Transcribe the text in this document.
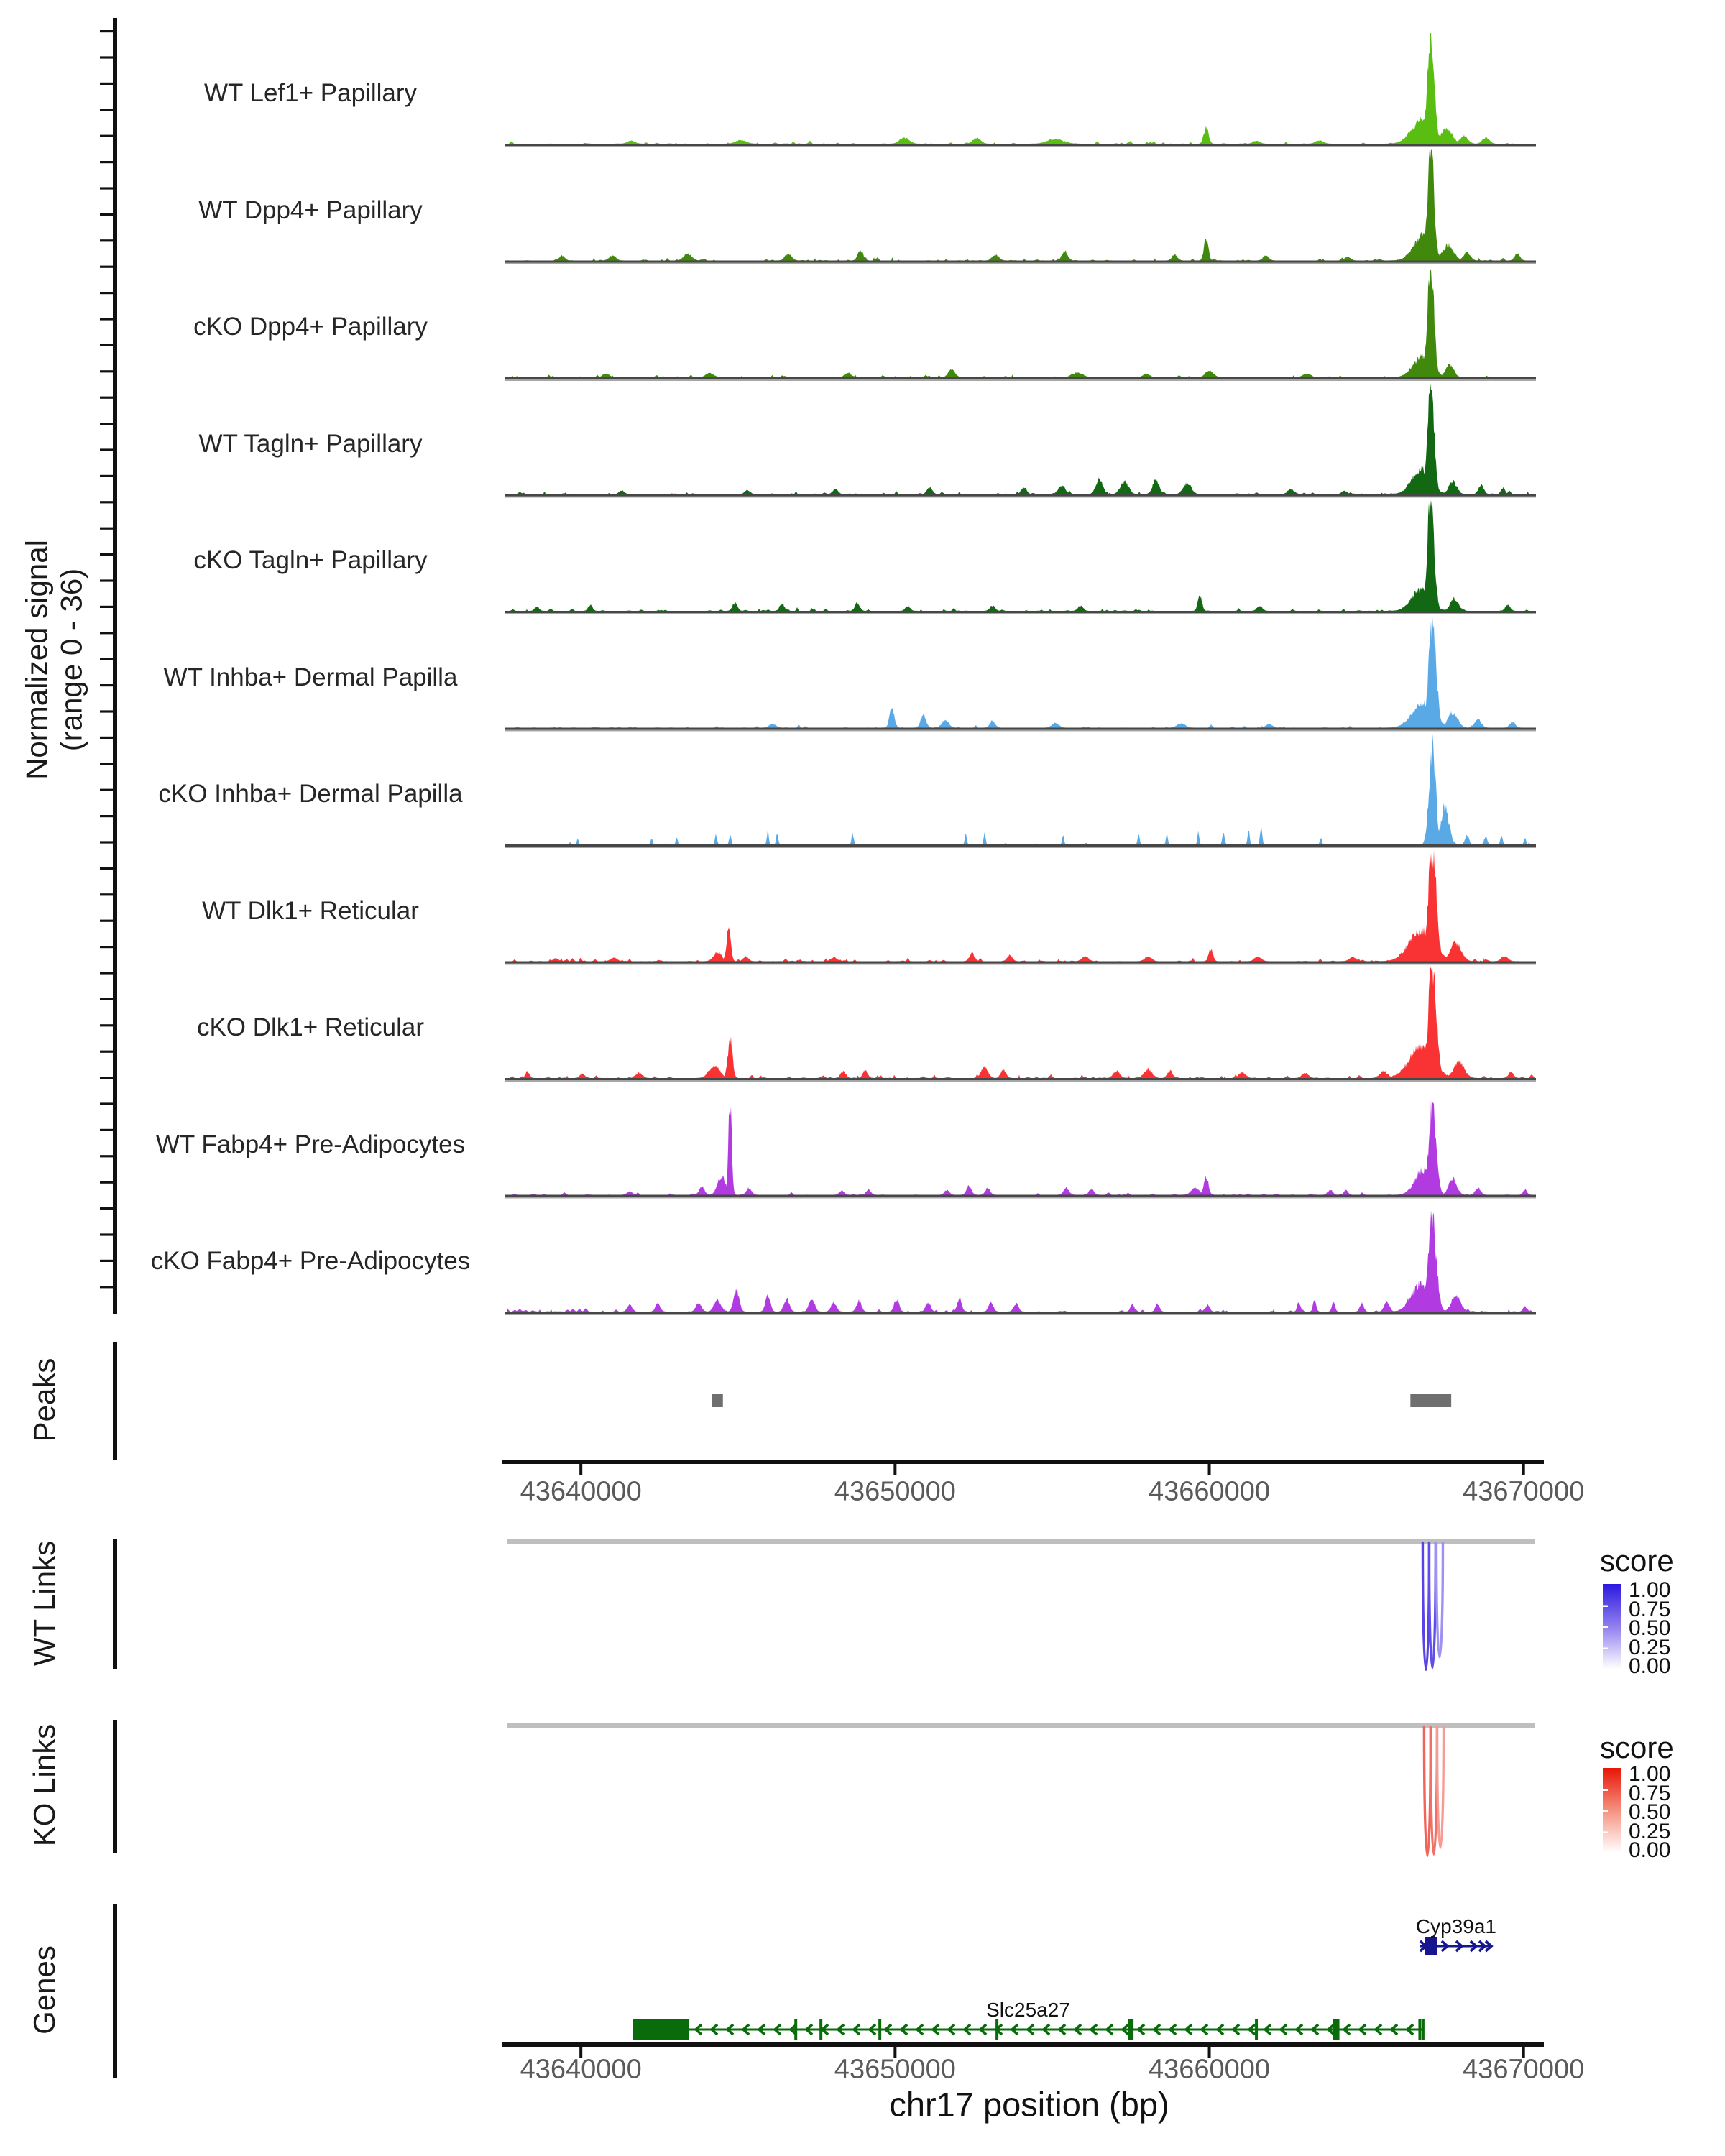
Normalized signal (range 0 - 36)
Peaks
WT Links
KO Links
Genes
score
score
chr17 position (bp)
WT Lef1+ Papillary
WT Dpp4+ Papillary
cKO Dpp4+ Papillary
WT Tagln+ Papillary
cKO Tagln+ Papillary
WT Inhba+ Dermal Papilla
cKO Inhba+ Dermal Papilla
WT Dlk1+ Reticular
cKO Dlk1+ Reticular
WT Fabp4+ Pre-Adipocytes
cKO Fabp4+ Pre-Adipocytes
43640000	43650000	43660000	43670000
43640000	43650000	43660000	43670000
1.00
0.75
0.50
0.25
0.00
1.00
0.75
0.50
0.25
0.00
Cyp39a1
Slc25a27
